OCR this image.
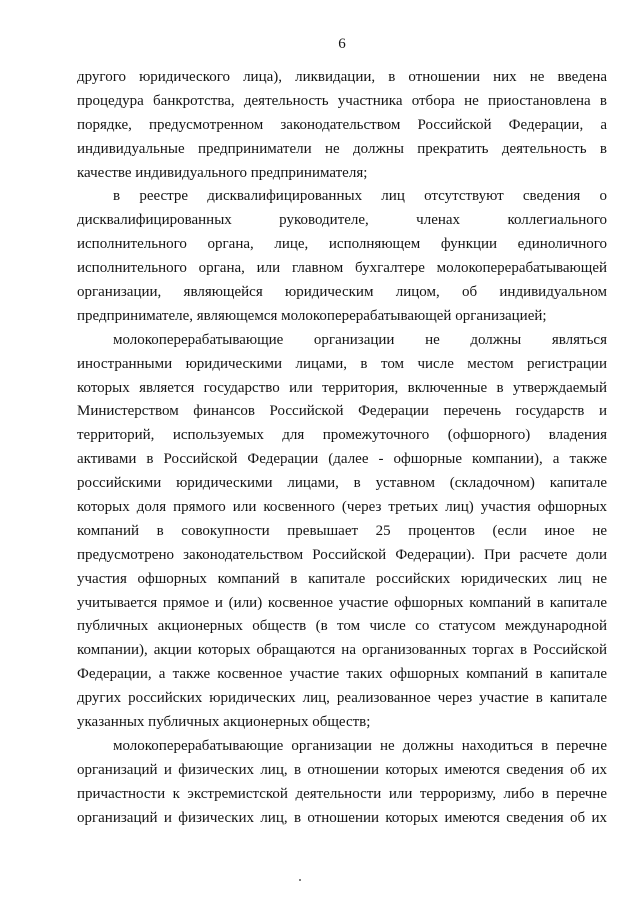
6
другого юридического лица), ликвидации, в отношении них не введена
процедура банкротства, деятельность участника отбора не приостановлена в
порядке, предусмотренном законодательством Российской Федерации, а
индивидуальные предприниматели не должны прекратить деятельность в
качестве индивидуального предпринимателя;
в реестре дисквалифицированных лиц отсутствуют сведения о
дисквалифицированных руководителе, членах коллегиального
исполнительного органа, лице, исполняющем функции единоличного
исполнительного органа, или главном бухгалтере молокоперерабатывающей
организации, являющейся юридическим лицом, об индивидуальном
предпринимателе, являющемся молокоперерабатывающей организацией;
молокоперерабатывающие организации не должны являться
иностранными юридическими лицами, в том числе местом регистрации
которых является государство или территория, включенные в утверждаемый
Министерством финансов Российской Федерации перечень государств и
территорий, используемых для промежуточного (офшорного) владения
активами в Российской Федерации (далее - офшорные компании), а также
российскими юридическими лицами, в уставном (складочном) капитале
которых доля прямого или косвенного (через третьих лиц) участия офшорных
компаний в совокупности превышает 25 процентов (если иное не
предусмотрено законодательством Российской Федерации). При расчете доли
участия офшорных компаний в капитале российских юридических лиц не
учитывается прямое и (или) косвенное участие офшорных компаний в капитале
публичных акционерных обществ (в том числе со статусом международной
компании), акции которых обращаются на организованных торгах в Российской
Федерации, а также косвенное участие таких офшорных компаний в капитале
других российских юридических лиц, реализованное через участие в капитале
указанных публичных акционерных обществ;
молокоперерабатывающие организации не должны находиться в перечне
организаций и физических лиц, в отношении которых имеются сведения об их
причастности к экстремистской деятельности или терроризму, либо в перечне
организаций и физических лиц, в отношении которых имеются сведения об их
